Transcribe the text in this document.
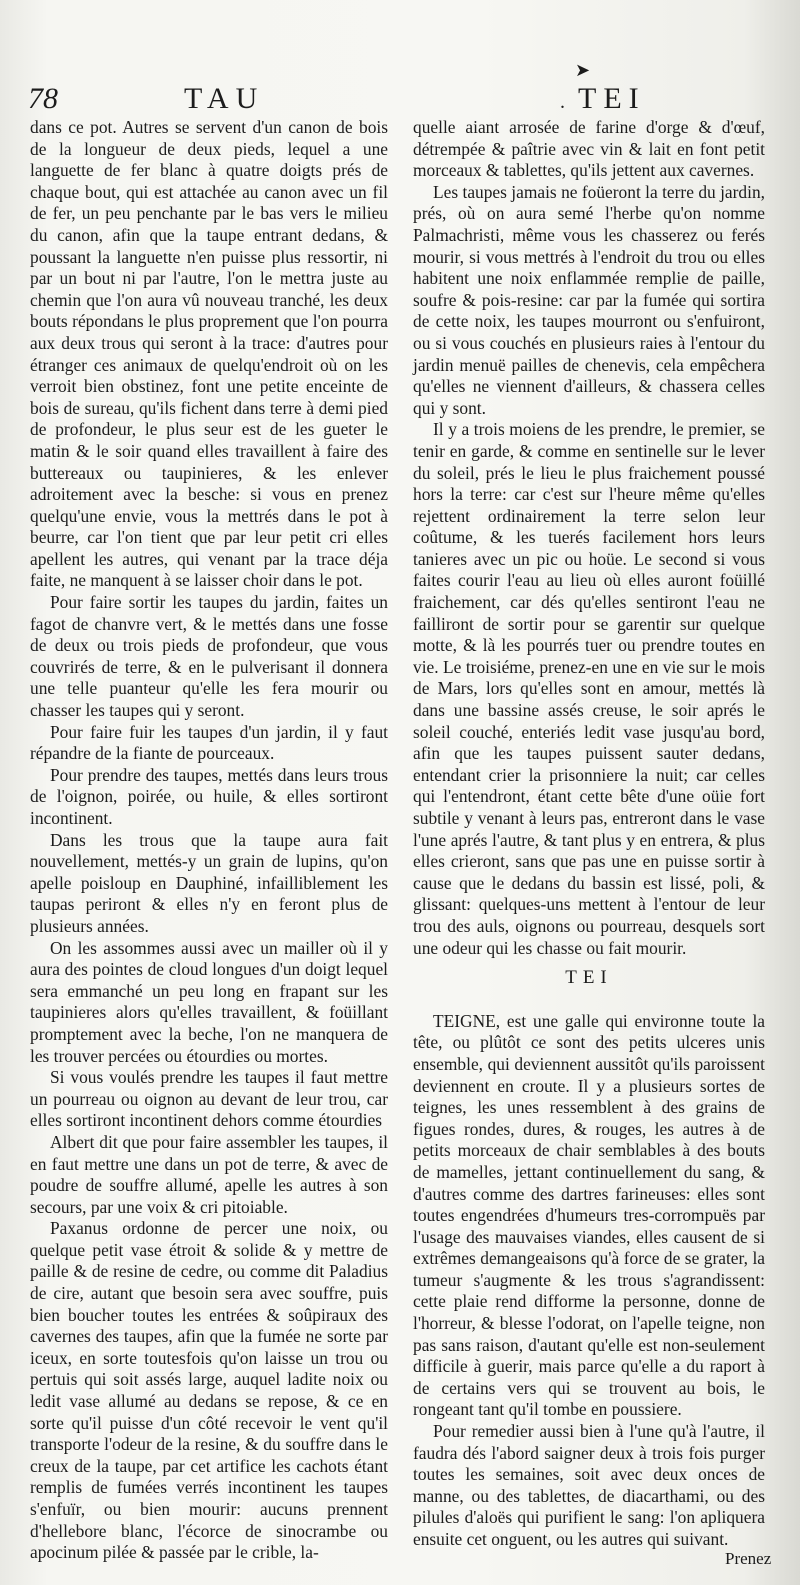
78	TAU
➤
. TEI

dans ce pot. Autres se servent d'un canon de bois de la longueur de deux pieds, lequel a une languette de fer blanc à quatre doigts prés de chaque bout, qui est attachée au canon avec un fil de fer, un peu penchante par le bas vers le milieu du canon, afin que la taupe entrant dedans, & poussant la languette n'en puisse plus ressortir, ni par un bout ni par l'autre, l'on le mettra juste au chemin que l'on aura vû nouveau tranché, les deux bouts répondans le plus proprement que l'on pourra aux deux trous qui seront à la trace: d'autres pour étranger ces animaux de quelqu'endroit où on les verroit bien obstinez, font une petite enceinte de bois de sureau, qu'ils fichent dans terre à demi pied de profondeur, le plus seur est de les gueter le matin & le soir quand elles travaillent à faire des buttereaux ou taupinieres, & les enlever adroitement avec la besche: si vous en prenez quelqu'une envie, vous la mettrés dans le pot à beurre, car l'on tient que par leur petit cri elles apellent les autres, qui venant par la trace déja faite, ne manquent à se laisser choir dans le pot.

Pour faire sortir les taupes du jardin, faites un fagot de chanvre vert, & le mettés dans une fosse de deux ou trois pieds de profondeur, que vous couvrirés de terre, & en le pulverisant il donnera une telle puanteur qu'elle les fera mourir ou chasser les taupes qui y seront.

Pour faire fuir les taupes d'un jardin, il y faut répandre de la fiante de pourceaux.

Pour prendre des taupes, mettés dans leurs trous de l'oignon, poirée, ou huile, & elles sortiront incontinent.

Dans les trous que la taupe aura fait nouvellement, mettés-y un grain de lupins, qu'on apelle poisloup en Dauphiné, infailliblement les taupas periront & elles n'y en feront plus de plusieurs années.

On les assommes aussi avec un mailler où il y aura des pointes de cloud longues d'un doigt lequel sera emmanché un peu long en frapant sur les taupinieres alors qu'elles travaillent, & foüillant promptement avec la beche, l'on ne manquera de les trouver percées ou étourdies ou mortes.

Si vous voulés prendre les taupes il faut mettre un pourreau ou oignon au devant de leur trou, car elles sortiront incontinent dehors comme étourdies

Albert dit que pour faire assembler les taupes, il en faut mettre une dans un pot de terre, & avec de poudre de souffre allumé, apelle les autres à son secours, par une voix & cri pitoiable.

Paxanus ordonne de percer une noix, ou quelque petit vase étroit & solide & y mettre de paille & de resine de cedre, ou comme dit Paladius de cire, autant que besoin sera avec souffre, puis bien boucher toutes les entrées & soûpiraux des cavernes des taupes, afin que la fumée ne sorte par iceux, en sorte toutesfois qu'on laisse un trou ou pertuis qui soit assés large, auquel ladite noix ou ledit vase allumé au dedans se repose, & ce en sorte qu'il puisse d'un côté recevoir le vent qu'il transporte l'odeur de la resine, & du souffre dans le creux de la taupe, par cet artifice les cachots étant remplis de fumées verrés incontinent les taupes s'enfuïr, ou bien mourir: aucuns prennent d'hellebore blanc, l'écorce de sinocrambe ou apocinum pilée & passée par le crible, la-

quelle aiant arrosée de farine d'orge & d'œuf, détrempée & paîtrie avec vin & lait en font petit morceaux & tablettes, qu'ils jettent aux cavernes.

Les taupes jamais ne foüeront la terre du jardin, prés, où on aura semé l'herbe qu'on nomme Palmachristi, même vous les chasserez ou ferés mourir, si vous mettrés à l'endroit du trou ou elles habitent une noix enflammée remplie de paille, soufre & pois-resine: car par la fumée qui sortira de cette noix, les taupes mourront ou s'enfuiront, ou si vous couchés en plusieurs raies à l'entour du jardin menuë pailles de chenevis, cela empêchera qu'elles ne viennent d'ailleurs, & chassera celles qui y sont.

Il y a trois moiens de les prendre, le premier, se tenir en garde, & comme en sentinelle sur le lever du soleil, prés le lieu le plus fraichement poussé hors la terre: car c'est sur l'heure même qu'elles rejettent ordinairement la terre selon leur coûtume, & les tuerés facilement hors leurs tanieres avec un pic ou hoüe. Le second si vous faites courir l'eau au lieu où elles auront foüillé fraichement, car dés qu'elles sentiront l'eau ne failliront de sortir pour se garentir sur quelque motte, & là les pourrés tuer ou prendre toutes en vie. Le troisiéme, prenez-en une en vie sur le mois de Mars, lors qu'elles sont en amour, mettés là dans une bassine assés creuse, le soir aprés le soleil couché, enteriés ledit vase jusqu'au bord, afin que les taupes puissent sauter dedans, entendant crier la prisonniere la nuit; car celles qui l'entendront, étant cette bête d'une oüie fort subtile y venant à leurs pas, entreront dans le vase l'une aprés l'autre, & tant plus y en entrera, & plus elles crieront, sans que pas une en puisse sortir à cause que le dedans du bassin est lissé, poli, & glissant: quelques-uns mettent à l'entour de leur trou des auls, oignons ou pourreau, desquels sort une odeur qui les chasse ou fait mourir.

TEI

TEIGNE, est une galle qui environne toute la tête, ou plûtôt ce sont des petits ulceres unis ensemble, qui deviennent aussitôt qu'ils paroissent deviennent en croute. Il y a plusieurs sortes de teignes, les unes ressemblent à des grains de figues rondes, dures, & rouges, les autres à de petits morceaux de chair semblables à des bouts de mamelles, jettant continuellement du sang, & d'autres comme des dartres farineuses: elles sont toutes engendrées d'humeurs tres-corrompuës par l'usage des mauvaises viandes, elles causent de si extrêmes demangeaisons qu'à force de se grater, la tumeur s'augmente & les trous s'agrandissent: cette plaie rend difforme la personne, donne de l'horreur, & blesse l'odorat, on l'apelle teigne, non pas sans raison, d'autant qu'elle est non-seulement difficile à guerir, mais parce qu'elle a du raport à de certains vers qui se trouvent au bois, le rongeant tant qu'il tombe en poussiere.

Pour remedier aussi bien à l'une qu'à l'autre, il faudra dés l'abord saigner deux à trois fois purger toutes les semaines, soit avec deux onces de manne, ou des tablettes, de diacarthami, ou des pilules d'aloës qui purifient le sang: l'on apliquera ensuite cet onguent, ou les autres qui suivant.

Prenez
